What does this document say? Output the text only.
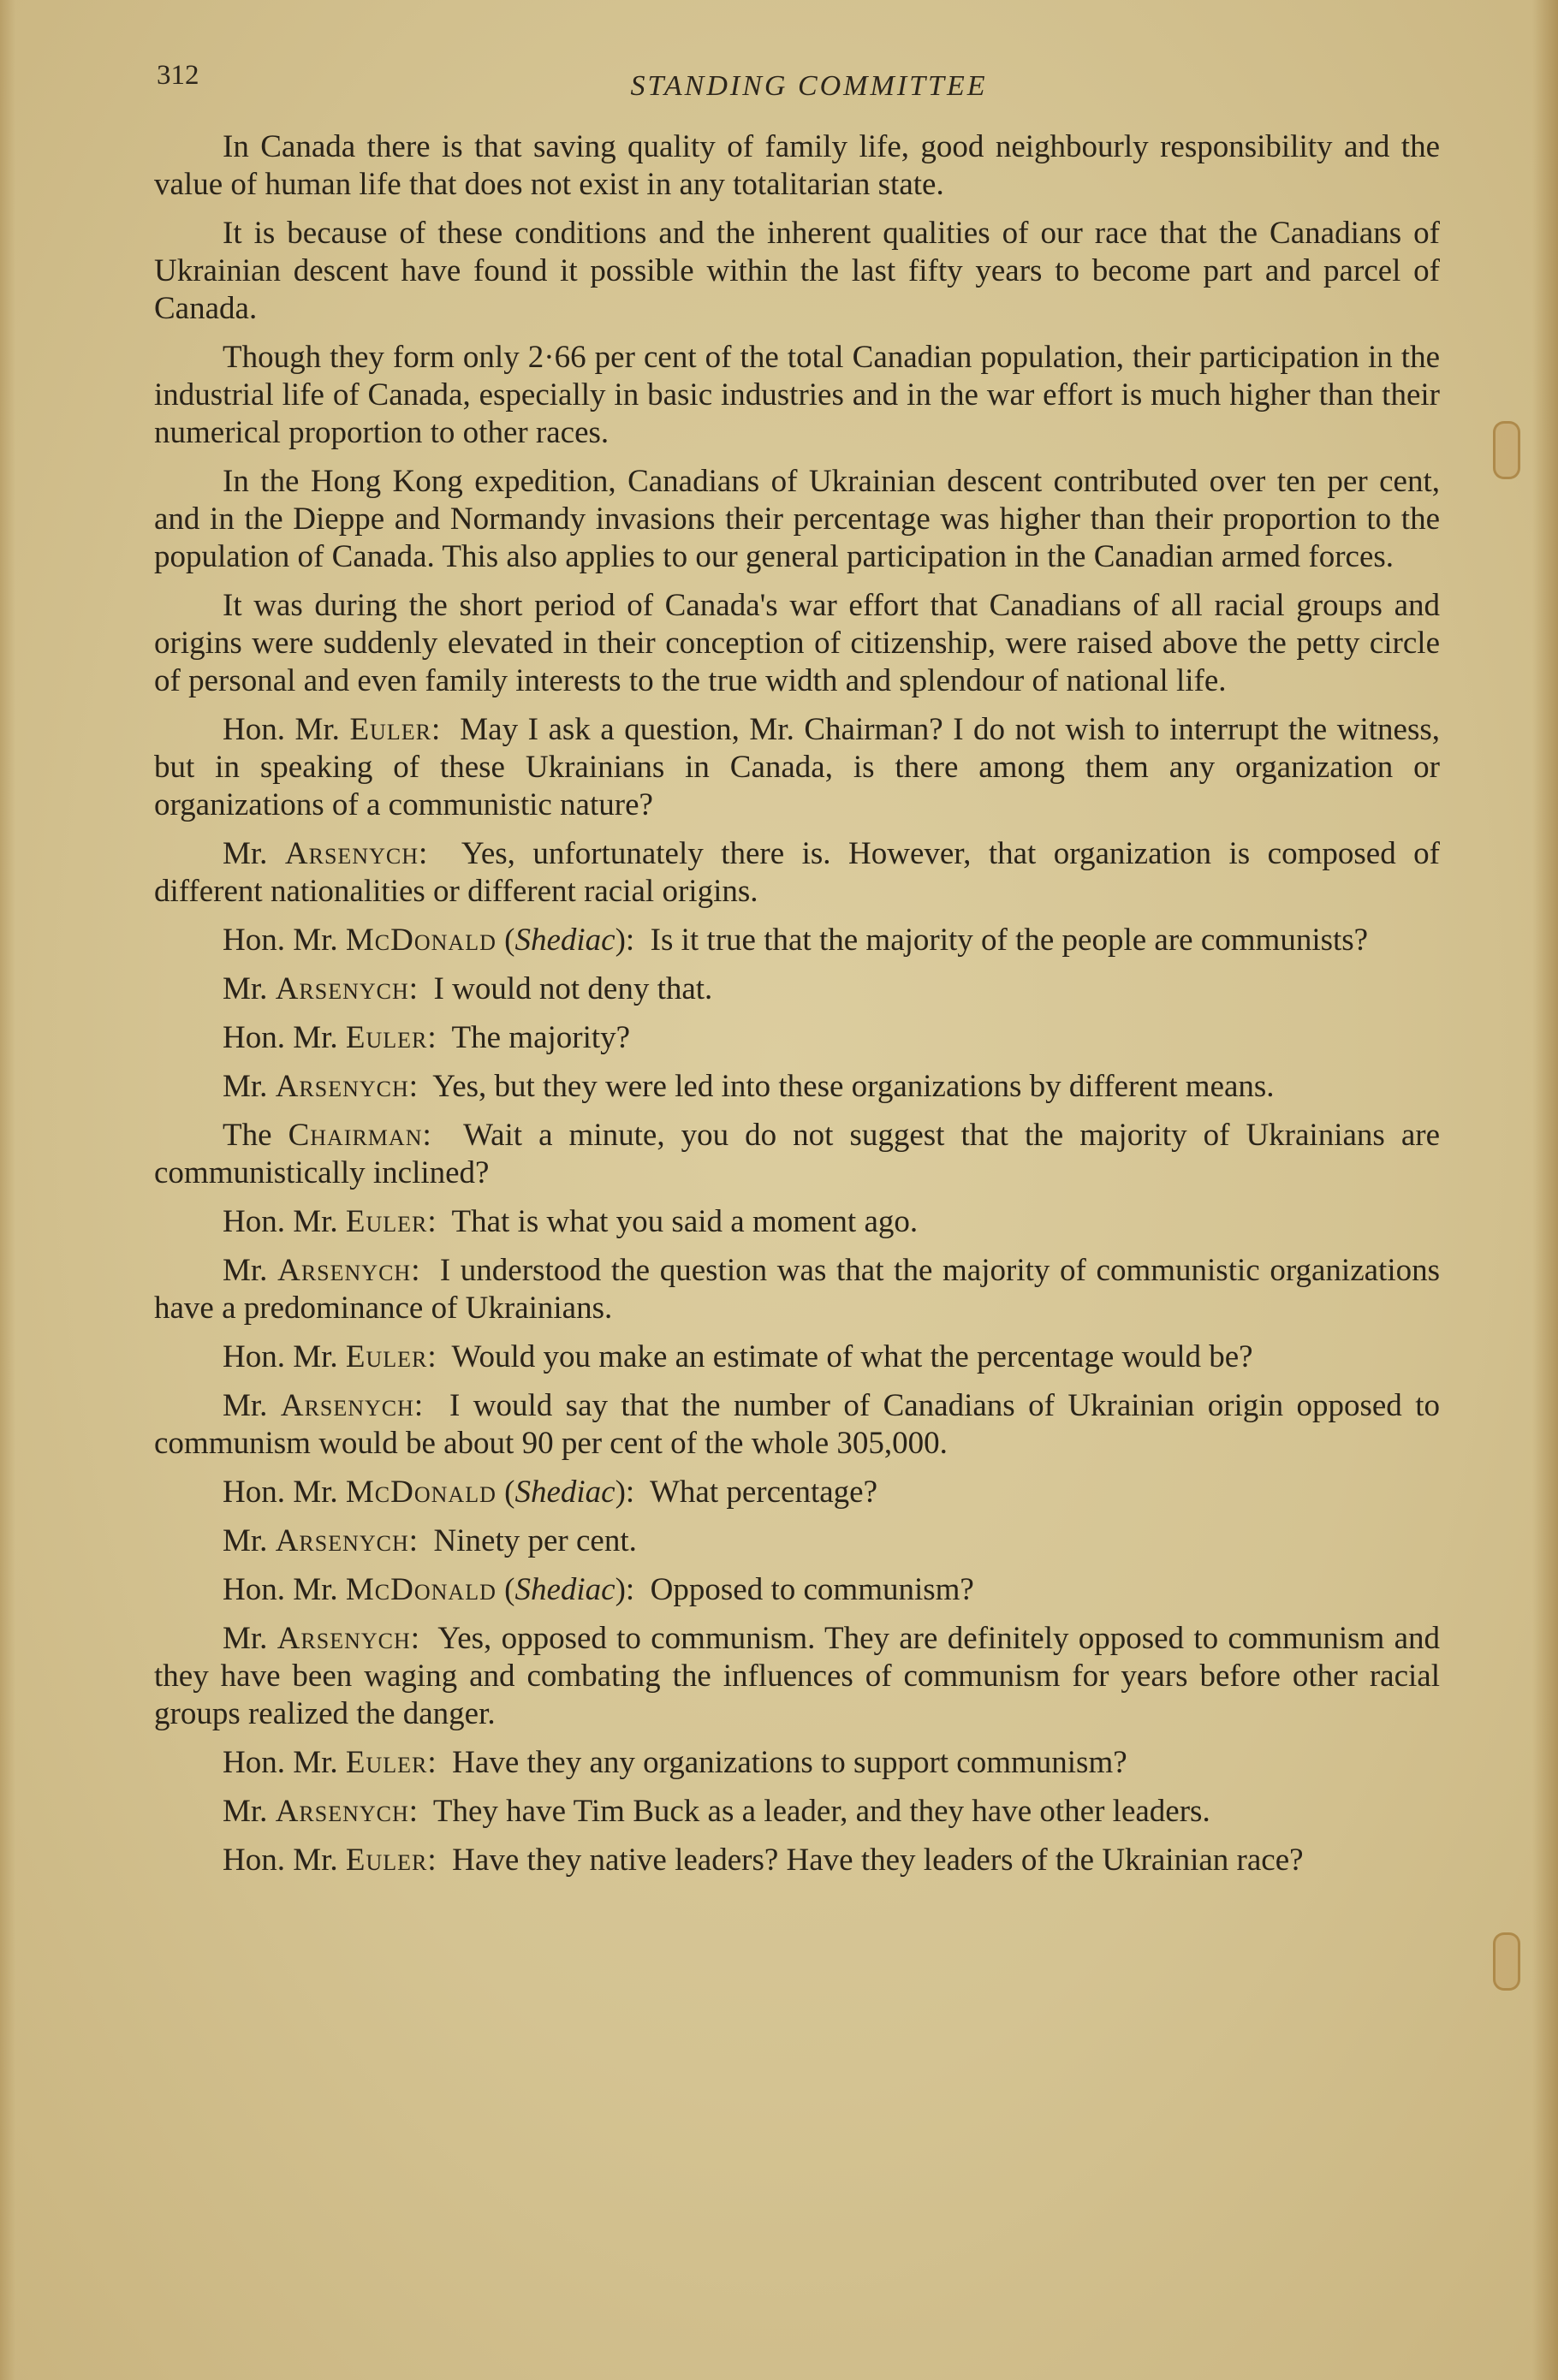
312	STANDING COMMITTEE

In Canada there is that saving quality of family life, good neighbourly responsibility and the value of human life that does not exist in any totalitarian state.

It is because of these conditions and the inherent qualities of our race that the Canadians of Ukrainian descent have found it possible within the last fifty years to become part and parcel of Canada.

Though they form only 2·66 per cent of the total Canadian population, their participation in the industrial life of Canada, especially in basic industries and in the war effort is much higher than their numerical proportion to other races.

In the Hong Kong expedition, Canadians of Ukrainian descent contributed over ten per cent, and in the Dieppe and Normandy invasions their percentage was higher than their proportion to the population of Canada. This also applies to our general participation in the Canadian armed forces.

It was during the short period of Canada's war effort that Canadians of all racial groups and origins were suddenly elevated in their conception of citizenship, were raised above the petty circle of personal and even family interests to the true width and splendour of national life.

Hon. Mr. Euler:  May I ask a question, Mr. Chairman? I do not wish to interrupt the witness, but in speaking of these Ukrainians in Canada, is there among them any organization or organizations of a communistic nature?

Mr. Arsenych:  Yes, unfortunately there is. However, that organization is composed of different nationalities or different racial origins.

Hon. Mr. McDonald (Shediac):  Is it true that the majority of the people are communists?

Mr. Arsenych:  I would not deny that.

Hon. Mr. Euler:  The majority?

Mr. Arsenych:  Yes, but they were led into these organizations by different means.

The Chairman:  Wait a minute, you do not suggest that the majority of Ukrainians are communistically inclined?

Hon. Mr. Euler:  That is what you said a moment ago.

Mr. Arsenych:  I understood the question was that the majority of communistic organizations have a predominance of Ukrainians.

Hon. Mr. Euler:  Would you make an estimate of what the percentage would be?

Mr. Arsenych:  I would say that the number of Canadians of Ukrainian origin opposed to communism would be about 90 per cent of the whole 305,000.

Hon. Mr. McDonald (Shediac):  What percentage?

Mr. Arsenych:  Ninety per cent.

Hon. Mr. McDonald (Shediac):  Opposed to communism?

Mr. Arsenych:  Yes, opposed to communism. They are definitely opposed to communism and they have been waging and combating the influences of communism for years before other racial groups realized the danger.

Hon. Mr. Euler:  Have they any organizations to support communism?

Mr. Arsenych:  They have Tim Buck as a leader, and they have other leaders.

Hon. Mr. Euler:  Have they native leaders? Have they leaders of the Ukrainian race?
